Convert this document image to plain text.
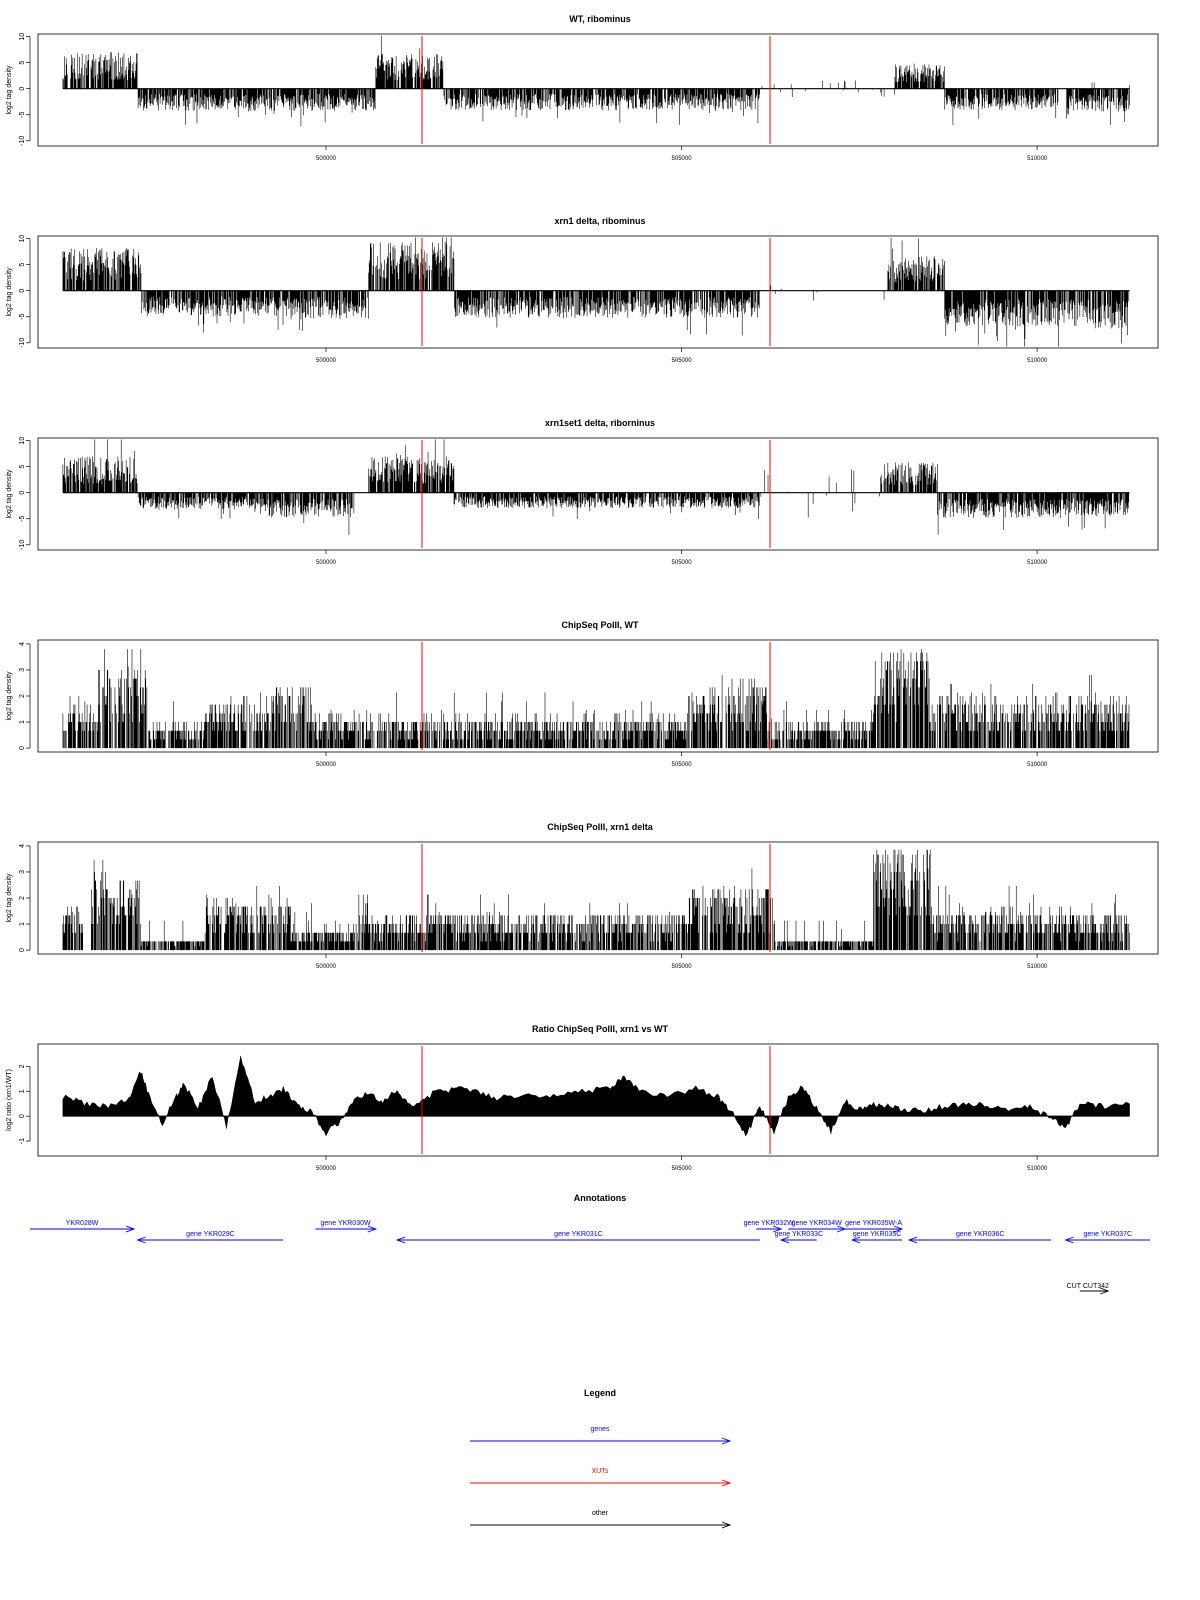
WT, ribominus
-10
-5
0
5
10
log2 tag density
500000	505000	510000
xrn1 delta, ribominus
-10
-5
0
5
10
log2 tag density
500000	505000	510000
xrn1set1 delta, riborninus
-10
-5
0
5
10
log2 tag density
500000	505000	510000
ChipSeq PolII, WT
0
1
2
3
4
log2 tag density
500000	505000	510000
ChipSeq PolII, xrn1 delta
0
1
2
3
4
log2 tag density
500000	505000	510000
Ratio ChipSeq PolII, xrn1 vs WT
-1
0
1
2
log2 ratio (xrn1/WT)
500000	505000	510000
Annotations
YKR028W
gene YKR029C
gene YKR030W
gene YKR031C
gene YKR032W
gene YKR033C
gene YKR034W gene YKR035W-A
gene YKR035C	gene YKR036C	gene YKR037C
CUT CUT342
Legend
genes
XUTs
other
